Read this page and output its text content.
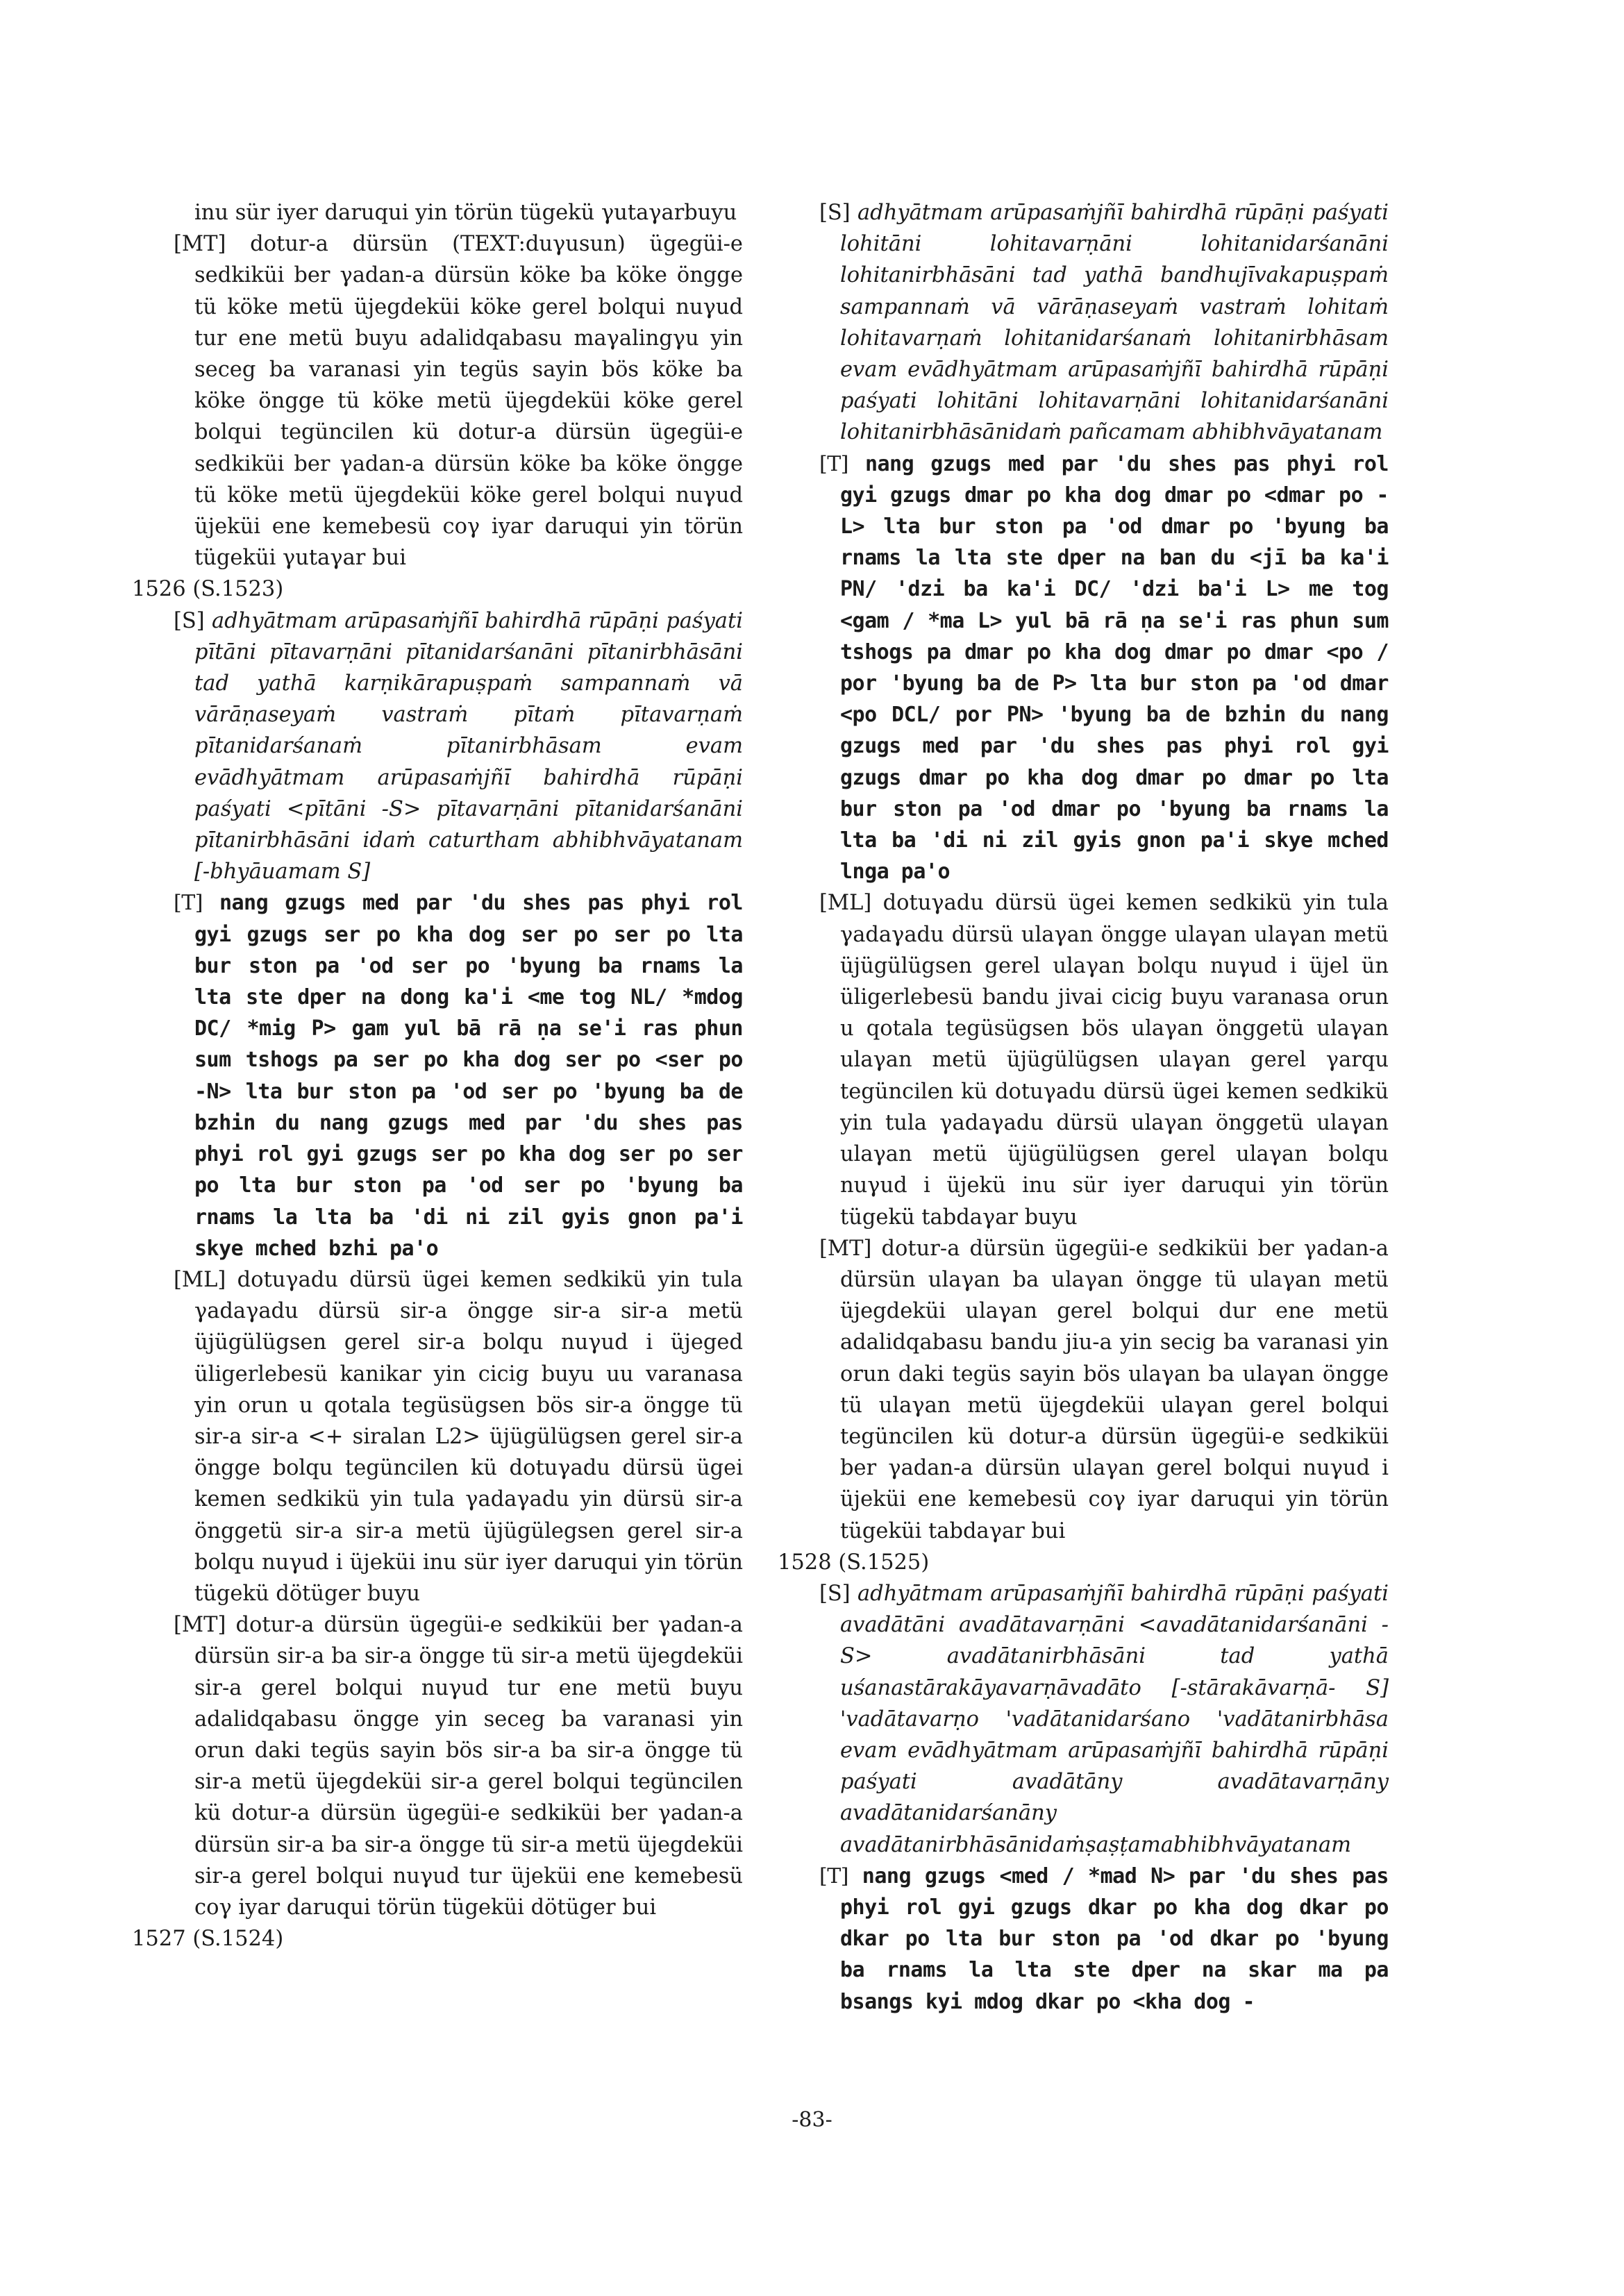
inu sür iyer daruqui yin törün tügekü γutaγarbuyu

[MT] dotur-a dürsün (TEXT:duγusun) ügegüi-e sedkiküi ber γadan-a dürsün köke ba köke öngge tü köke metü üjegdeküi köke gerel bolqui nuγud tur ene metü buyu adalidqabasu maγalingγu yin seceg ba varanasi yin tegüs sayin bös köke ba köke öngge tü köke metü üjegdeküi köke gerel bolqui tegüncilen kü dotur-a dürsün ügegüi-e sedkiküi ber γadan-a dürsün köke ba köke öngge tü köke metü üjegdeküi köke gerel bolqui nuγud üjeküi ene kemebesü coγ iyar daruqui yin törün tügeküi γutaγar bui

1526 (S.1523)

[S] adhyātmam arūpasaṁjñī bahirdhā rūpāṇi paśyati pītāni pītavarṇāni pītanidarśanāni pītanirbhāsāni tad yathā karṇikārapuṣpaṁ sampannaṁ vā vārāṇaseyaṁ vastraṁ pītaṁ pītavarṇaṁ pītanidarśanaṁ pītanirbhāsam evam evādhyātmam arūpasaṁjñī bahirdhā rūpāṇi paśyati <pītāni -S> pītavarṇāni pītanidarśanāni pītanirbhāsāni idaṁ caturtham abhibhvāyatanam [-bhyāuamam S]

[T] nang gzugs med par 'du shes pas phyi rol gyi gzugs ser po kha dog ser po ser po lta bur ston pa 'od ser po 'byung ba rnams la lta ste dper na dong ka'i <me tog NL/ *mdog DC/ *mig P> gam yul bā rā ṇa se'i ras phun sum tshogs pa ser po kha dog ser po <ser po -N> lta bur ston pa 'od ser po 'byung ba de bzhin du nang gzugs med par 'du shes pas phyi rol gyi gzugs ser po kha dog ser po ser po lta bur ston pa 'od ser po 'byung ba rnams la lta ba 'di ni zil gyis gnon pa'i skye mched bzhi pa'o

[ML] dotuγadu dürsü ügei kemen sedkikü yin tula γadaγadu dürsü sir-a öngge sir-a sir-a metü üjügülügsen gerel sir-a bolqu nuγud i üjeged üligerlebesü kanikar yin cicig buyu uu varanasa yin orun u qotala tegüsügsen bös sir-a öngge tü sir-a sir-a <+ siralan L2> üjügülügsen gerel sir-a öngge bolqu tegüncilen kü dotuγadu dürsü ügei kemen sedkikü yin tula γadaγadu yin dürsü sir-a önggetü sir-a sir-a metü üjügülegsen gerel sir-a bolqu nuγud i üjeküi inu sür iyer daruqui yin törün tügekü dötüger buyu

[MT] dotur-a dürsün ügegüi-e sedkiküi ber γadan-a dürsün sir-a ba sir-a öngge tü sir-a metü üjegdeküi sir-a gerel bolqui nuγud tur ene metü buyu adalidqabasu öngge yin seceg ba varanasi yin orun daki tegüs sayin bös sir-a ba sir-a öngge tü sir-a metü üjegdeküi sir-a gerel bolqui tegüncilen kü dotur-a dürsün ügegüi-e sedkiküi ber γadan-a dürsün sir-a ba sir-a öngge tü sir-a metü üjegdeküi sir-a gerel bolqui nuγud tur üjeküi ene kemebesü coγ iyar daruqui törün tügeküi dötüger bui

1527 (S.1524)

[S] adhyātmam arūpasaṁjñī bahirdhā rūpāṇi paśyati lohitāni lohitavarṇāni lohitanidarśanāni lohitanirbhāsāni tad yathā bandhujīvakapuṣpaṁ sampannaṁ vā vārāṇaseyaṁ vastraṁ lohitaṁ lohitavarṇaṁ lohitanidarśanaṁ lohitanirbhāsam evam evādhyātmam arūpasaṁjñī bahirdhā rūpāṇi paśyati lohitāni lohitavarṇāni lohitanidarśanāni lohitanirbhāsānidaṁ pañcamam abhibhvāyatanam

[T] nang gzugs med par 'du shes pas phyi rol gyi gzugs dmar po kha dog dmar po <dmar po -L> lta bur ston pa 'od dmar po 'byung ba rnams la lta ste dper na ban du <jī ba ka'i PN/ 'dzi ba ka'i DC/ 'dzi ba'i L> me tog <gam / *ma L> yul bā rā ṇa se'i ras phun sum tshogs pa dmar po kha dog dmar po dmar <po / por 'byung ba de P> lta bur ston pa 'od dmar <po DCL/ por PN> 'byung ba de bzhin du nang gzugs med par 'du shes pas phyi rol gyi gzugs dmar po kha dog dmar po dmar po lta bur ston pa 'od dmar po 'byung ba rnams la lta ba 'di ni zil gyis gnon pa'i skye mched lnga pa'o

[ML] dotuγadu dürsü ügei kemen sedkikü yin tula γadaγadu dürsü ulaγan öngge ulaγan ulaγan metü üjügülügsen gerel ulaγan bolqu nuγud i üjel ün üligerlebesü bandu jivai cicig buyu varanasa orun u qotala tegüsügsen bös ulaγan önggetü ulaγan ulaγan metü üjügülügsen ulaγan gerel γarqu tegüncilen kü dotuγadu dürsü ügei kemen sedkikü yin tula γadaγadu dürsü ulaγan önggetü ulaγan ulaγan metü üjügülügsen gerel ulaγan bolqu nuγud i üjekü inu sür iyer daruqui yin törün tügekü tabdaγar buyu

[MT] dotur-a dürsün ügegüi-e sedkiküi ber γadan-a dürsün ulaγan ba ulaγan öngge tü ulaγan metü üjegdeküi ulaγan gerel bolqui dur ene metü adalidqabasu bandu jiu-a yin secig ba varanasi yin orun daki tegüs sayin bös ulaγan ba ulaγan öngge tü ulaγan metü üjegdeküi ulaγan gerel bolqui tegüncilen kü dotur-a dürsün ügegüi-e sedkiküi ber γadan-a dürsün ulaγan gerel bolqui nuγud i üjeküi ene kemebesü coγ iyar daruqui yin törün tügeküi tabdaγar bui

1528 (S.1525)

[S] adhyātmam arūpasaṁjñī bahirdhā rūpāṇi paśyati avadātāni avadātavarṇāni <avadātanidarśanāni -S> avadātanirbhāsāni tad yathā uśanastārakāyavarṇāvadāto [-stārakāvarṇā- S] 'vadātavarṇo 'vadātanidarśano 'vadātanirbhāsa evam evādhyātmam arūpasaṁjñī bahirdhā rūpāṇi paśyati avadātāny avadātavarṇāny avadātanidarśanāny avadātanirbhāsānidaṁṣaṣṭamabhibhvāyatanam

[T] nang gzugs <med / *mad N> par 'du shes pas phyi rol gyi gzugs dkar po kha dog dkar po dkar po lta bur ston pa 'od dkar po 'byung ba rnams la lta ste dper na skar ma pa bsangs kyi mdog dkar po <kha dog -

-83-
